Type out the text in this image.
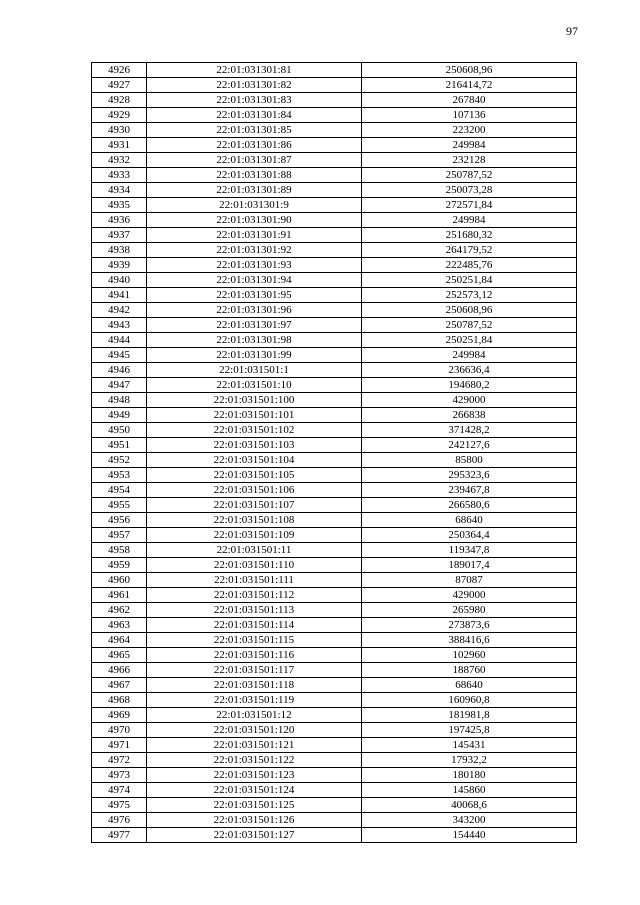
97
4926	22:01:031301:81	250608,96
4927	22:01:031301:82	216414,72
4928	22:01:031301:83	267840
4929	22:01:031301:84	107136
4930	22:01:031301:85	223200
4931	22:01:031301:86	249984
4932	22:01:031301:87	232128
4933	22:01:031301:88	250787,52
4934	22:01:031301:89	250073,28
4935	22:01:031301:9	272571,84
4936	22:01:031301:90	249984
4937	22:01:031301:91	251680,32
4938	22:01:031301:92	264179,52
4939	22:01:031301:93	222485,76
4940	22:01:031301:94	250251,84
4941	22:01:031301:95	252573,12
4942	22:01:031301:96	250608,96
4943	22:01:031301:97	250787,52
4944	22:01:031301:98	250251,84
4945	22:01:031301:99	249984
4946	22:01:031501:1	236636,4
4947	22:01:031501:10	194680,2
4948	22:01:031501:100	429000
4949	22:01:031501:101	266838
4950	22:01:031501:102	371428,2
4951	22:01:031501:103	242127,6
4952	22:01:031501:104	85800
4953	22:01:031501:105	295323,6
4954	22:01:031501:106	239467,8
4955	22:01:031501:107	266580,6
4956	22:01:031501:108	68640
4957	22:01:031501:109	250364,4
4958	22:01:031501:11	119347,8
4959	22:01:031501:110	189017,4
4960	22:01:031501:111	87087
4961	22:01:031501:112	429000
4962	22:01:031501:113	265980
4963	22:01:031501:114	273873,6
4964	22:01:031501:115	388416,6
4965	22:01:031501:116	102960
4966	22:01:031501:117	188760
4967	22:01:031501:118	68640
4968	22:01:031501:119	160960,8
4969	22:01:031501:12	181981,8
4970	22:01:031501:120	197425,8
4971	22:01:031501:121	145431
4972	22:01:031501:122	17932,2
4973	22:01:031501:123	180180
4974	22:01:031501:124	145860
4975	22:01:031501:125	40068,6
4976	22:01:031501:126	343200
4977	22:01:031501:127	154440
